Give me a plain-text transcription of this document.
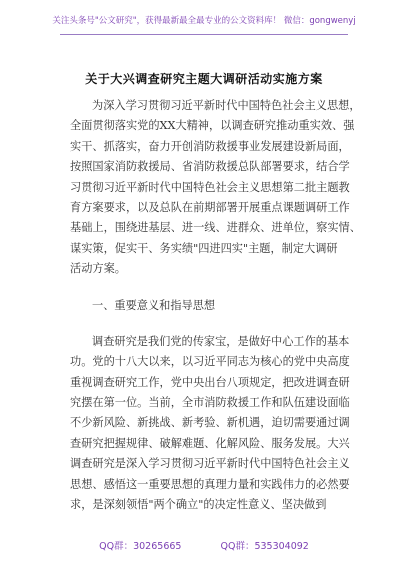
关注头条号"公文研究"，获得最新最全最专业的公文资料库！ 微信：gongwenyj
关于大兴调查研究主题大调研活动实施方案
为深入学习贯彻习近平新时代中国特色社会主义思想，
全面贯彻落实党的XX大精神，以调查研究推动重实效、强
实干、抓落实，奋力开创消防救援事业发展建设新局面，
按照国家消防救援局、省消防救援总队部署要求，结合学
习贯彻习近平新时代中国特色社会主义思想第二批主题教
育方案要求，以及总队在前期部署开展重点课题调研工作
基础上，围绕进基层、进一线、进群众、进单位，察实情、
谋实策，促实干、务实绩"四进四实"主题，制定大调研
活动方案。
一、重要意义和指导思想
调查研究是我们党的传家宝，是做好中心工作的基本
功。党的十八大以来，以习近平同志为核心的党中央高度
重视调查研究工作，党中央出台八项规定，把改进调查研
究摆在第一位。当前，全市消防救援工作和队伍建设面临
不少新风险、新挑战、新考验、新机遇，迫切需要通过调
查研究把握规律、破解难题、化解风险、服务发展。大兴
调查研究是深入学习贯彻习近平新时代中国特色社会主义
思想、感悟这一重要思想的真理力量和实践伟力的必然要
求，是深刻领悟"两个确立"的决定性意义、坚决做到
QQ群：30265665	QQ群：535304092
